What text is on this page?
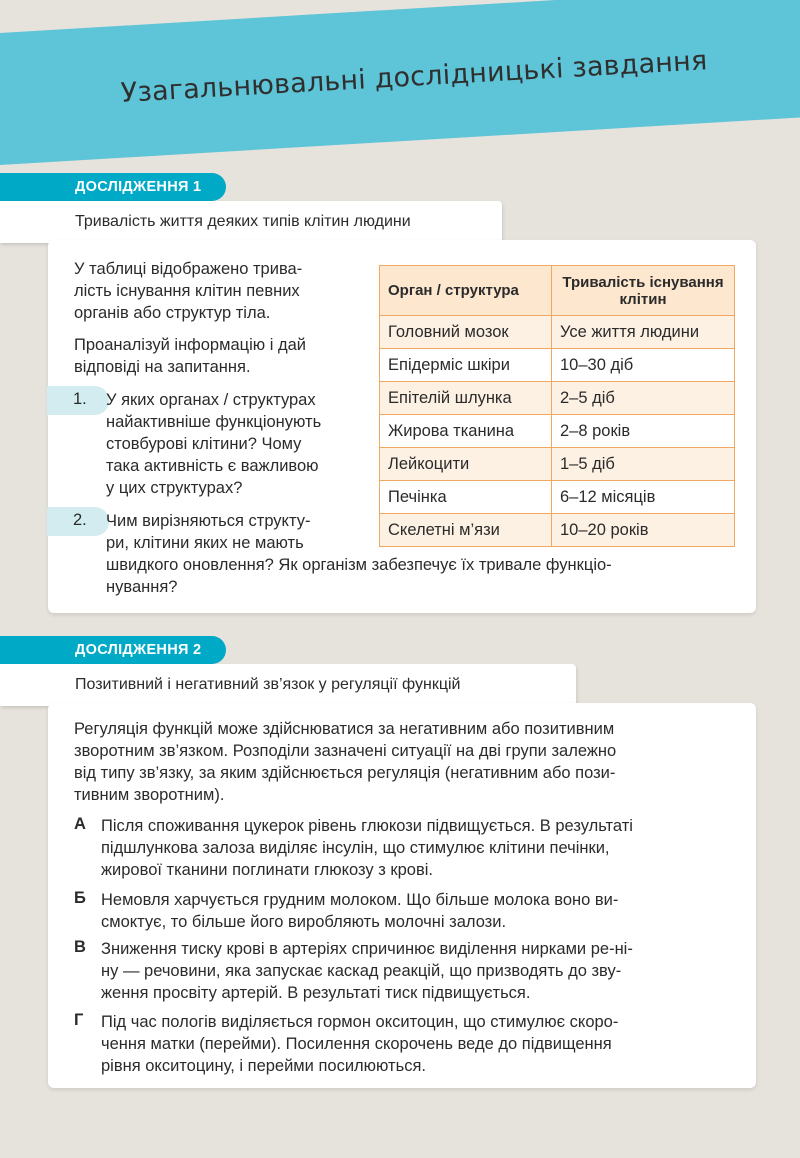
Узагальнювальні дослідницькі завдання
ДОСЛІДЖЕННЯ 1
Тривалість життя деяких типів клітин людини
У таблиці відображено трива-
лість існування клітин певних
органів або структур тіла.
Проаналізуй інформацію і дай
відповіді на запитання.
1. У яких органах / структурах
найактивніше функціонують
стовбурові клітини? Чому
така активність є важливою
у цих структурах?
2. Чим вирізняються структу-
ри, клітини яких не мають
швидкого оновлення? Як організм забезпечує їх тривале функціо-
нування?
Орган / структура	Тривалість існування клітин
Головний мозок	Усе життя людини
Епідерміс шкіри	10–30 діб
Епітелій шлунка	2–5 діб
Жирова тканина	2–8 років
Лейкоцити	1–5 діб
Печінка	6–12 місяців
Скелетні м’язи	10–20 років
ДОСЛІДЖЕННЯ 2
Позитивний і негативний зв’язок у регуляції функцій
Регуляція функцій може здійснюватися за негативним або позитивним
зворотним зв’язком. Розподіли зазначені ситуації на дві групи залежно
від типу зв’язку, за яким здійснюється регуляція (негативним або пози-
тивним зворотним).
А Після споживання цукерок рівень глюкози підвищується. В результаті
підшлункова залоза виділяє інсулін, що стимулює клітини печінки,
жирової тканини поглинати глюкозу з крові.
Б Немовля харчується грудним молоком. Що більше молока воно ви-
смоктує, то більше його виробляють молочні залози.
В Зниження тиску крові в артеріях спричинює виділення нирками ре-ні-
ну — речовини, яка запускає каскад реакцій, що призводять до зву-
ження просвіту артерій. В результаті тиск підвищується.
Г Під час пологів виділяється гормон окситоцин, що стимулює скоро-
чення матки (перейми). Посилення скорочень веде до підвищення
рівня окситоцину, і перейми посилюються.
